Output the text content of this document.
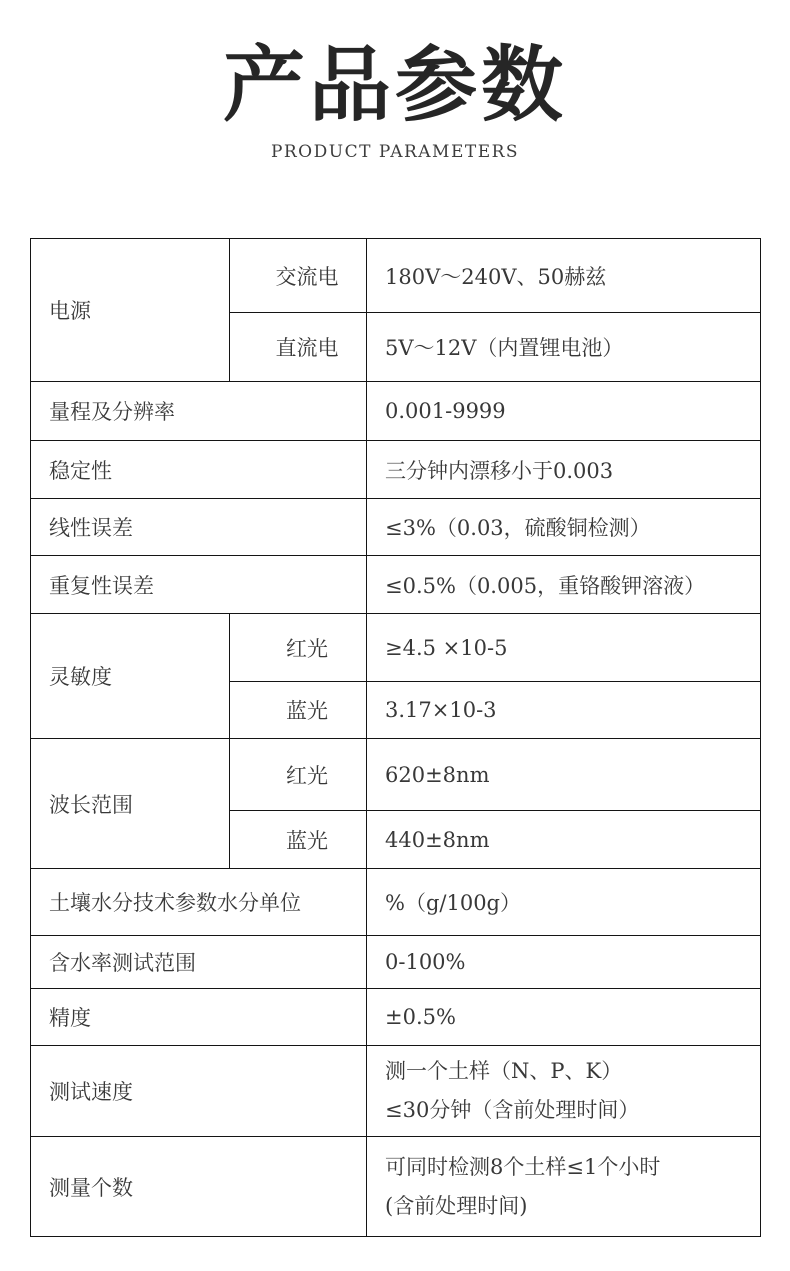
产品参数
PRODUCT PARAMETERS
电源	交流电	180V～240V、50赫兹
	直流电	5V～12V（内置锂电池）
量程及分辨率		0.001-9999
稳定性		三分钟内漂移小于0.003
线性误差		≤3%（0.03，硫酸铜检测）
重复性误差		≤0.5%（0.005，重铬酸钾溶液）
灵敏度	红光	≥4.5 ×10-5
	蓝光	3.17×10-3
波长范围	红光	620±8nm
	蓝光	440±8nm
土壤水分技术参数水分单位		%（g/100g）
含水率测试范围		0-100%
精度		±0.5%
测试速度		测一个土样（N、P、K）
≤30分钟（含前处理时间）

测量个数		可同时检测8个土样≤1个小时
(含前处理时间)
